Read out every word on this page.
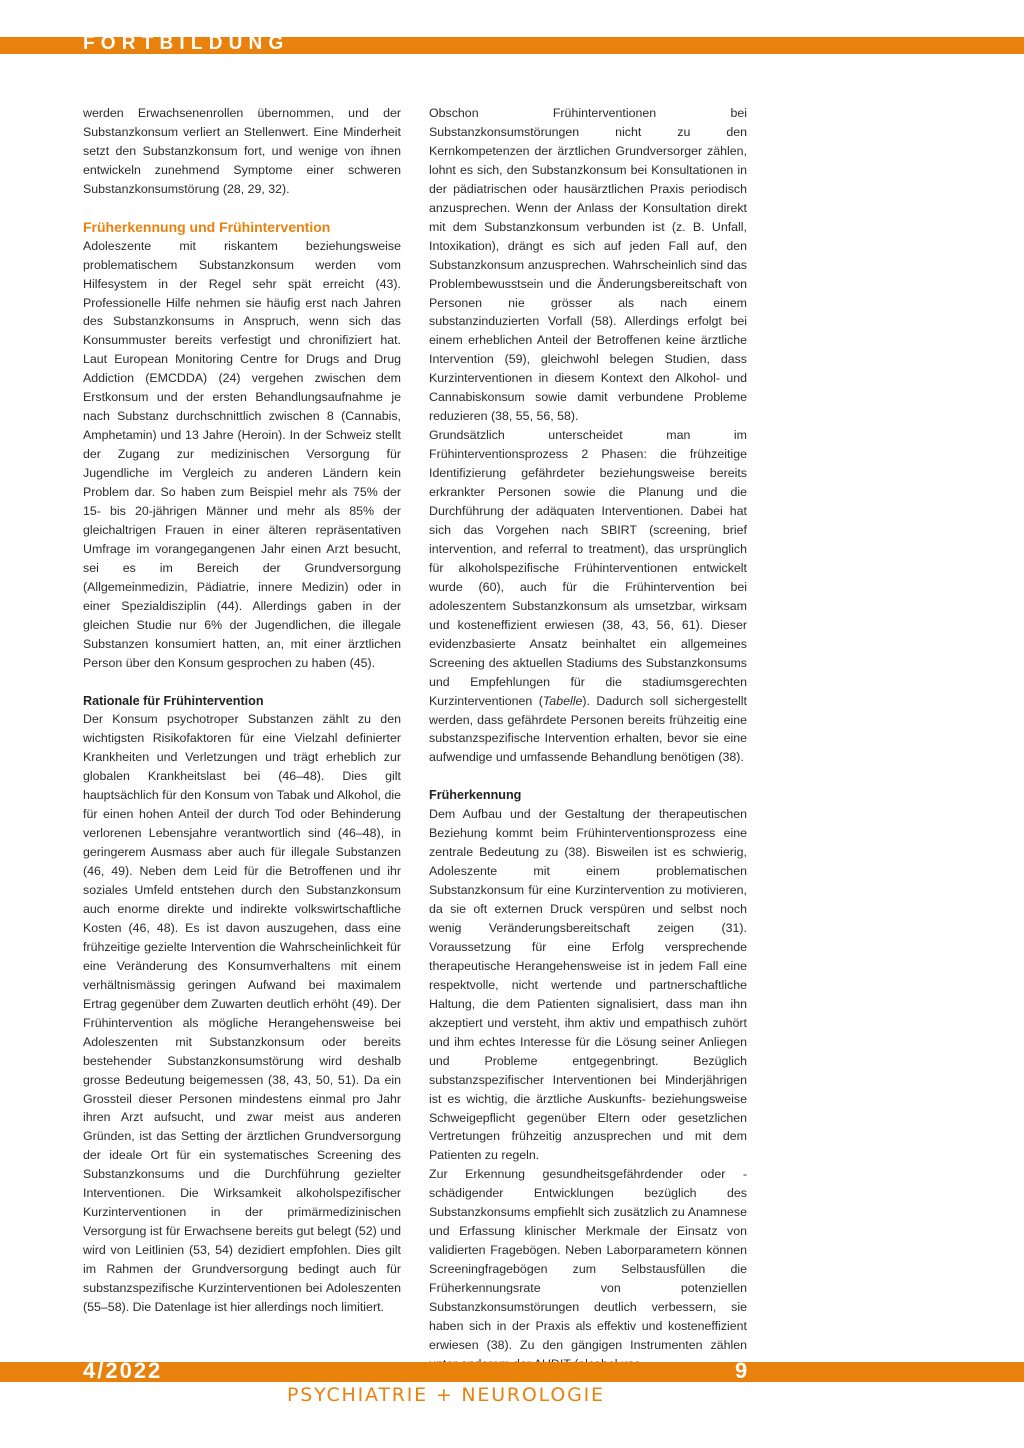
FORTBILDUNG

werden Erwachsenenrollen übernommen, und der Substanzkonsum verliert an Stellenwert. Eine Minderheit setzt den Substanzkonsum fort, und wenige von ihnen entwickeln zunehmend Symptome einer schweren Substanzkonsumstörung (28, 29, 32).

Früherkennung und Frühintervention

Adoleszente mit riskantem beziehungsweise problematischem Substanzkonsum werden vom Hilfesystem in der Regel sehr spät erreicht (43). Professionelle Hilfe nehmen sie häufig erst nach Jahren des Substanzkonsums in Anspruch, wenn sich das Konsummuster bereits verfestigt und chronifiziert hat. Laut European Monitoring Centre for Drugs and Drug Addiction (EMCDDA) (24) vergehen zwischen dem Erstkonsum und der ersten Behandlungsaufnahme je nach Substanz durchschnittlich zwischen 8 (Cannabis, Amphetamin) und 13 Jahre (Heroin). In der Schweiz stellt der Zugang zur medizinischen Versorgung für Jugendliche im Vergleich zu anderen Ländern kein Problem dar. So haben zum Beispiel mehr als 75% der 15- bis 20-jährigen Männer und mehr als 85% der gleichaltrigen Frauen in einer älteren repräsentativen Umfrage im vorangegangenen Jahr einen Arzt besucht, sei es im Bereich der Grundversorgung (Allgemeinmedizin, Pädiatrie, innere Medizin) oder in einer Spezialdisziplin (44). Allerdings gaben in der gleichen Studie nur 6% der Jugendlichen, die illegale Substanzen konsumiert hatten, an, mit einer ärztlichen Person über den Konsum gesprochen zu haben (45).

Rationale für Frühintervention

Der Konsum psychotroper Substanzen zählt zu den wichtigsten Risikofaktoren für eine Vielzahl definierter Krankheiten und Verletzungen und trägt erheblich zur globalen Krankheitslast bei (46–48). Dies gilt hauptsächlich für den Konsum von Tabak und Alkohol, die für einen hohen Anteil der durch Tod oder Behinderung verlorenen Lebensjahre verantwortlich sind (46–48), in geringerem Ausmass aber auch für illegale Substanzen (46, 49). Neben dem Leid für die Betroffenen und ihr soziales Umfeld entstehen durch den Substanzkonsum auch enorme direkte und indirekte volkswirtschaftliche Kosten (46, 48). Es ist davon auszugehen, dass eine frühzeitige gezielte Intervention die Wahrscheinlichkeit für eine Veränderung des Konsumverhaltens mit einem verhältnismässig geringen Aufwand bei maximalem Ertrag gegenüber dem Zuwarten deutlich erhöht (49). Der Frühintervention als mögliche Herangehensweise bei Adoleszenten mit Substanzkonsum oder bereits bestehender Substanzkonsumstörung wird deshalb grosse Bedeutung beigemessen (38, 43, 50, 51). Da ein Grossteil dieser Personen mindestens einmal pro Jahr ihren Arzt aufsucht, und zwar meist aus anderen Gründen, ist das Setting der ärztlichen Grundversorgung der ideale Ort für ein systematisches Screening des Substanzkonsums und die Durchführung gezielter Interventionen. Die Wirksamkeit alkoholspezifischer Kurzinterventionen in der primärmedizinischen Versorgung ist für Erwachsene bereits gut belegt (52) und wird von Leitlinien (53, 54) dezidiert empfohlen. Dies gilt im Rahmen der Grundversorgung bedingt auch für substanzspezifische Kurzinterventionen bei Adoleszenten (55–58). Die Datenlage ist hier allerdings noch limitiert.

Obschon Frühinterventionen bei Substanzkonsumstörungen nicht zu den Kernkompetenzen der ärztlichen Grundversorger zählen, lohnt es sich, den Substanzkonsum bei Konsultationen in der pädiatrischen oder hausärztlichen Praxis periodisch anzusprechen. Wenn der Anlass der Konsultation direkt mit dem Substanzkonsum verbunden ist (z. B. Unfall, Intoxikation), drängt es sich auf jeden Fall auf, den Substanzkonsum anzusprechen. Wahrscheinlich sind das Problembewusstsein und die Änderungsbereitschaft von Personen nie grösser als nach einem substanzinduzierten Vorfall (58). Allerdings erfolgt bei einem erheblichen Anteil der Betroffenen keine ärztliche Intervention (59), gleichwohl belegen Studien, dass Kurzinterventionen in diesem Kontext den Alkohol- und Cannabiskonsum sowie damit verbundene Probleme reduzieren (38, 55, 56, 58).

Grundsätzlich unterscheidet man im Frühinterventionsprozess 2 Phasen: die frühzeitige Identifizierung gefährdeter beziehungsweise bereits erkrankter Personen sowie die Planung und die Durchführung der adäquaten Interventionen. Dabei hat sich das Vorgehen nach SBIRT (screening, brief intervention, and referral to treatment), das ursprünglich für alkoholspezifische Frühinterventionen entwickelt wurde (60), auch für die Frühintervention bei adoleszentem Substanzkonsum als umsetzbar, wirksam und kosteneffizient erwiesen (38, 43, 56, 61). Dieser evidenzbasierte Ansatz beinhaltet ein allgemeines Screening des aktuellen Stadiums des Substanzkonsums und Empfehlungen für die stadiumsgerechten Kurzinterventionen (Tabelle). Dadurch soll sichergestellt werden, dass gefährdete Personen bereits frühzeitig eine substanzspezifische Intervention erhalten, bevor sie eine aufwendige und umfassende Behandlung benötigen (38).

Früherkennung

Dem Aufbau und der Gestaltung der therapeutischen Beziehung kommt beim Frühinterventionsprozess eine zentrale Bedeutung zu (38). Bisweilen ist es schwierig, Adoleszente mit einem problematischen Substanzkonsum für eine Kurzintervention zu motivieren, da sie oft externen Druck verspüren und selbst noch wenig Veränderungsbereitschaft zeigen (31). Voraussetzung für eine Erfolg versprechende therapeutische Herangehensweise ist in jedem Fall eine respektvolle, nicht wertende und partnerschaftliche Haltung, die dem Patienten signalisiert, dass man ihn akzeptiert und versteht, ihm aktiv und empathisch zuhört und ihm echtes Interesse für die Lösung seiner Anliegen und Probleme entgegenbringt. Bezüglich substanzspezifischer Interventionen bei Minderjährigen ist es wichtig, die ärztliche Auskunfts- beziehungsweise Schweigepflicht gegenüber Eltern oder gesetzlichen Vertretungen frühzeitig anzusprechen und mit dem Patienten zu regeln.

Zur Erkennung gesundheitsgefährdender oder -schädigender Entwicklungen bezüglich des Substanzkonsums empfiehlt sich zusätzlich zu Anamnese und Erfassung klinischer Merkmale der Einsatz von validierten Fragebögen. Neben Laborparametern können Screeningfragebögen zum Selbstausfüllen die Früherkennungsrate von potenziellen Substanzkonsumstörungen deutlich verbessern, sie haben sich in der Praxis als effektiv und kosteneffizient erwiesen (38). Zu den gängigen Instrumenten zählen

4/2022	9
PSYCHIATRIE + NEUROLOGIE
